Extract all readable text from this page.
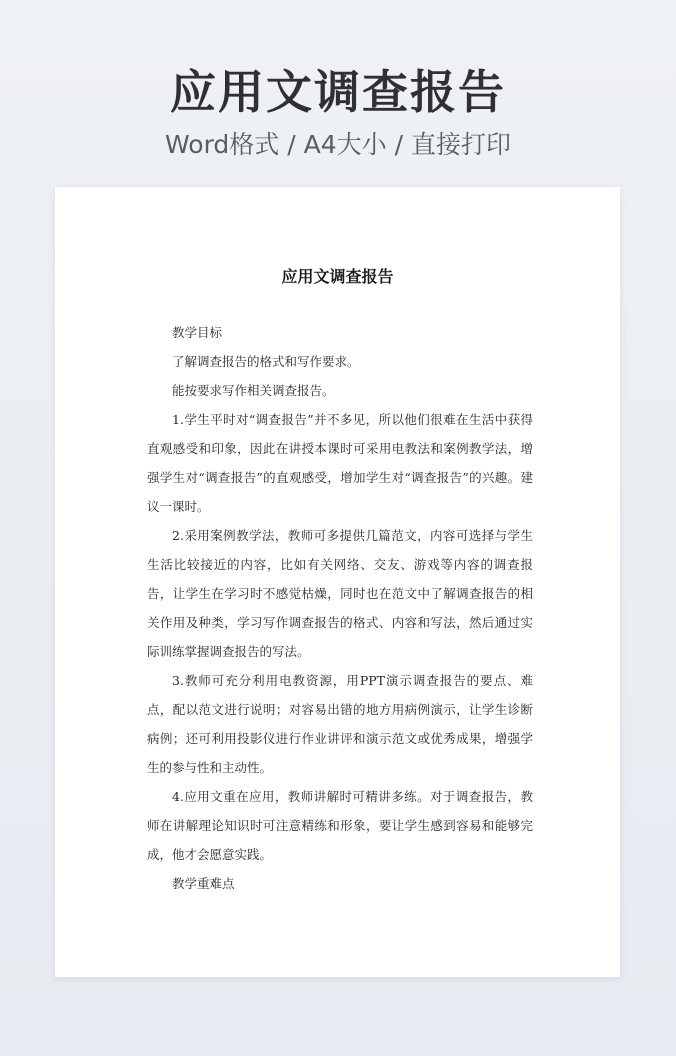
应用文调查报告
Word格式 / A4大小 / 直接打印
应用文调查报告

教学目标

了解调查报告的格式和写作要求。

能按要求写作相关调查报告。

1.学生平时对“调查报告”并不多见，所以他们很难在生活中获得直观感受和印象，因此在讲授本课时可采用电教法和案例教学法，增强学生对“调查报告”的直观感受，增加学生对“调查报告”的兴趣。建议一课时。

2.采用案例教学法，教师可多提供几篇范文，内容可选择与学生生活比较接近的内容，比如有关网络、交友、游戏等内容的调查报告，让学生在学习时不感觉枯燥，同时也在范文中了解调查报告的相关作用及种类，学习写作调查报告的格式、内容和写法，然后通过实际训练掌握调查报告的写法。

3.教师可充分利用电教资源，用PPT演示调查报告的要点、难点，配以范文进行说明；对容易出错的地方用病例演示，让学生诊断病例；还可利用投影仪进行作业讲评和演示范文或优秀成果，增强学生的参与性和主动性。

4.应用文重在应用，教师讲解时可精讲多练。对于调查报告，教师在讲解理论知识时可注意精练和形象，要让学生感到容易和能够完成，他才会愿意实践。

教学重难点
